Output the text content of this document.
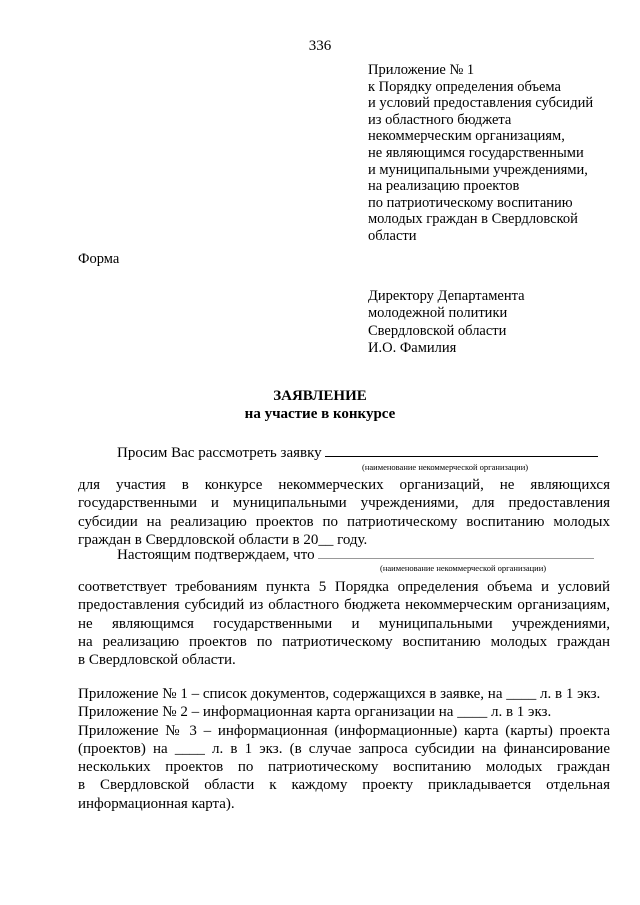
336
Приложение № 1
к Порядку определения объема
и условий предоставления субсидий
из областного бюджета
некоммерческим организациям,
не являющимся государственными
и муниципальными учреждениями,
на реализацию проектов
по патриотическому воспитанию
молодых граждан в Свердловской
области
Форма
Директору Департамента
молодежной политики
Свердловской области
И.О. Фамилия
ЗАЯВЛЕНИЕ
на участие в конкурсе
Просим Вас рассмотреть заявку
(наименование некоммерческой организации)
для участия в конкурсе некоммерческих организаций, не являющихся
государственными и муниципальными учреждениями, для предоставления
субсидии на реализацию проектов по патриотическому воспитанию молодых
граждан в Свердловской области в 20__ году.
Настоящим подтверждаем, что
(наименование некоммерческой организации)
соответствует требованиям пункта 5 Порядка определения объема и условий
предоставления субсидий из областного бюджета некоммерческим организациям,
не являющимся государственными и муниципальными учреждениями,
на реализацию проектов по патриотическому воспитанию молодых граждан
в Свердловской области.
Приложение № 1 – список документов, содержащихся в заявке, на ____ л. в 1 экз.
Приложение № 2 – информационная карта организации на ____ л. в 1 экз.
Приложение № 3 – информационная (информационные) карта (карты) проекта
(проектов) на ____ л. в 1 экз. (в случае запроса субсидии на финансирование
нескольких проектов по патриотическому воспитанию молодых граждан
в Свердловской области к каждому проекту прикладывается отдельная
информационная карта).
